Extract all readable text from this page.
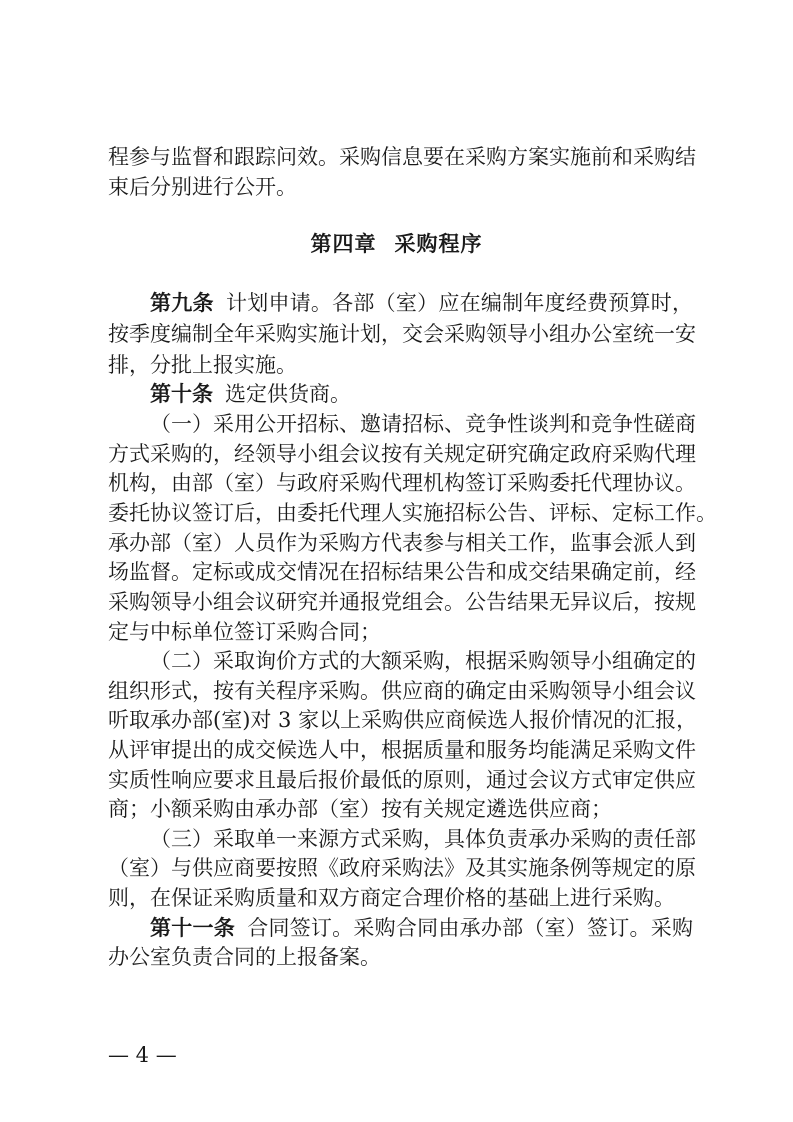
程参与监督和跟踪问效。采购信息要在采购方案实施前和采购结
束后分别进行公开。
第四章 采购程序
第九条 计划申请。各部（室）应在编制年度经费预算时，
按季度编制全年采购实施计划，交会采购领导小组办公室统一安
排，分批上报实施。
第十条 选定供货商。
（一）采用公开招标、邀请招标、竞争性谈判和竞争性磋商
方式采购的，经领导小组会议按有关规定研究确定政府采购代理
机构，由部（室）与政府采购代理机构签订采购委托代理协议。
委托协议签订后，由委托代理人实施招标公告、评标、定标工作。
承办部（室）人员作为采购方代表参与相关工作，监事会派人到
场监督。定标或成交情况在招标结果公告和成交结果确定前，经
采购领导小组会议研究并通报党组会。公告结果无异议后，按规
定与中标单位签订采购合同；
（二）采取询价方式的大额采购，根据采购领导小组确定的
组织形式，按有关程序采购。供应商的确定由采购领导小组会议
听取承办部(室)对 3 家以上采购供应商候选人报价情况的汇报，
从评审提出的成交候选人中，根据质量和服务均能满足采购文件
实质性响应要求且最后报价最低的原则，通过会议方式审定供应
商；小额采购由承办部（室）按有关规定遴选供应商；
（三）采取单一来源方式采购，具体负责承办采购的责任部
（室）与供应商要按照《政府采购法》及其实施条例等规定的原
则，在保证采购质量和双方商定合理价格的基础上进行采购。
第十一条 合同签订。采购合同由承办部（室）签订。采购
办公室负责合同的上报备案。
— 4 —
